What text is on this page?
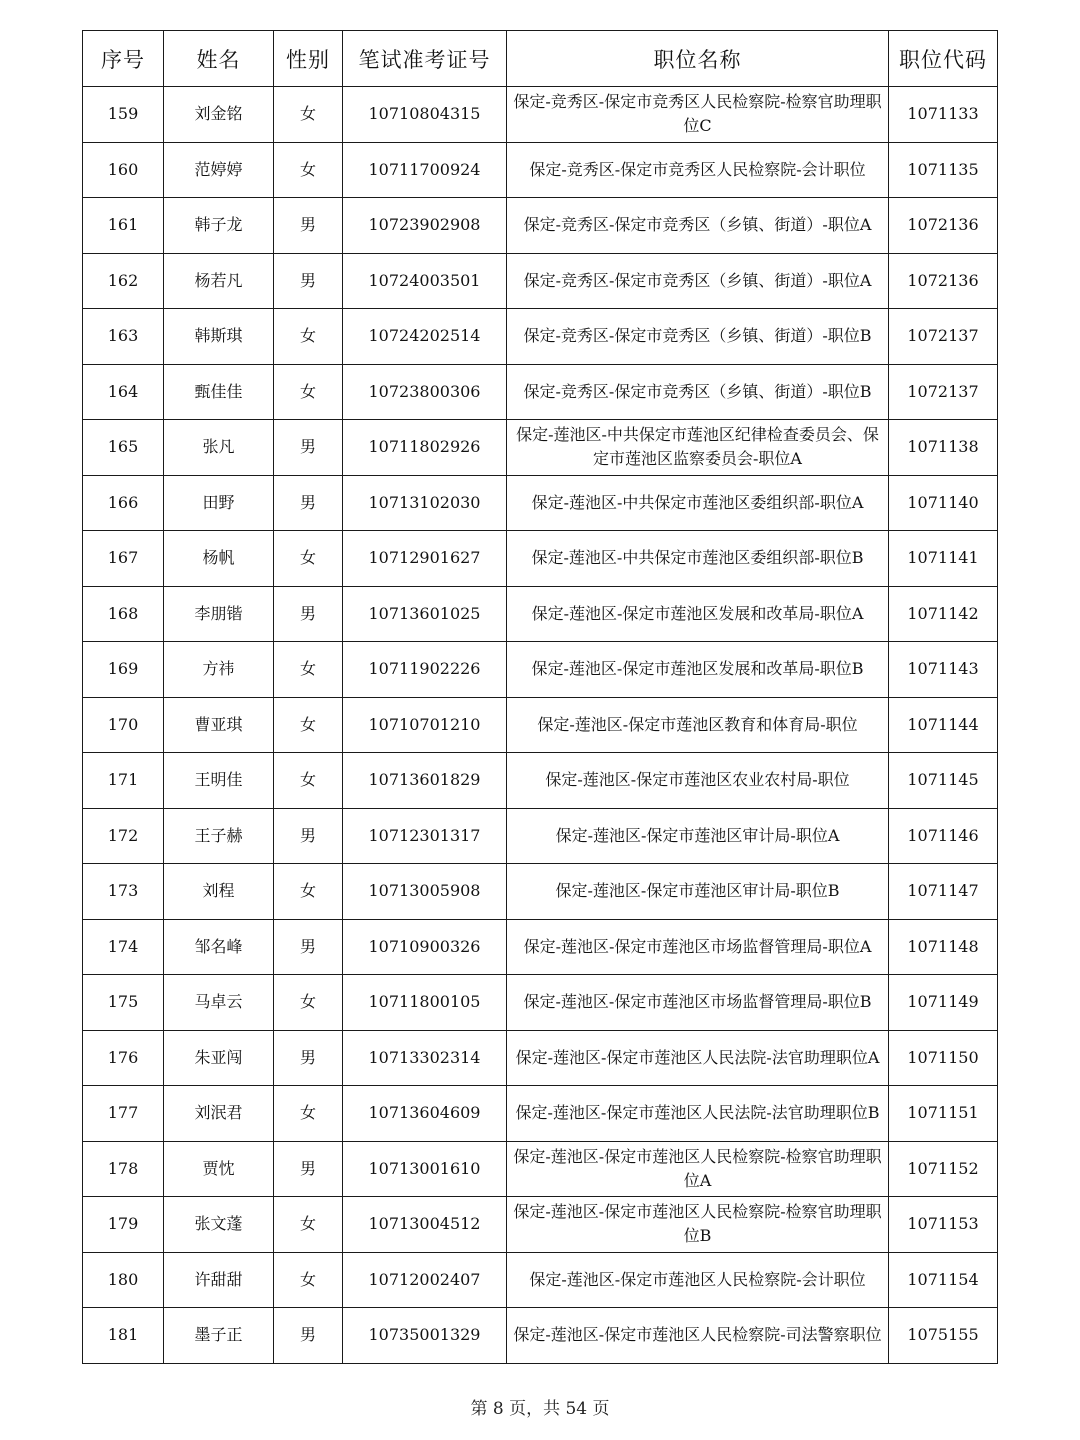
序号	姓名	性别	笔试准考证号	职位名称	职位代码
159	刘金铭	女	10710804315	保定-竞秀区-保定市竞秀区人民检察院-检察官助理职位C	1071133
160	范婷婷	女	10711700924	保定-竞秀区-保定市竞秀区人民检察院-会计职位	1071135
161	韩子龙	男	10723902908	保定-竞秀区-保定市竞秀区（乡镇、街道）-职位A	1072136
162	杨若凡	男	10724003501	保定-竞秀区-保定市竞秀区（乡镇、街道）-职位A	1072136
163	韩斯琪	女	10724202514	保定-竞秀区-保定市竞秀区（乡镇、街道）-职位B	1072137
164	甄佳佳	女	10723800306	保定-竞秀区-保定市竞秀区（乡镇、街道）-职位B	1072137
165	张凡	男	10711802926	保定-莲池区-中共保定市莲池区纪律检查委员会、保定市莲池区监察委员会-职位A	1071138
166	田野	男	10713102030	保定-莲池区-中共保定市莲池区委组织部-职位A	1071140
167	杨帆	女	10712901627	保定-莲池区-中共保定市莲池区委组织部-职位B	1071141
168	李朋锴	男	10713601025	保定-莲池区-保定市莲池区发展和改革局-职位A	1071142
169	方祎	女	10711902226	保定-莲池区-保定市莲池区发展和改革局-职位B	1071143
170	曹亚琪	女	10710701210	保定-莲池区-保定市莲池区教育和体育局-职位	1071144
171	王明佳	女	10713601829	保定-莲池区-保定市莲池区农业农村局-职位	1071145
172	王子赫	男	10712301317	保定-莲池区-保定市莲池区审计局-职位A	1071146
173	刘程	女	10713005908	保定-莲池区-保定市莲池区审计局-职位B	1071147
174	邹名峰	男	10710900326	保定-莲池区-保定市莲池区市场监督管理局-职位A	1071148
175	马卓云	女	10711800105	保定-莲池区-保定市莲池区市场监督管理局-职位B	1071149
176	朱亚闯	男	10713302314	保定-莲池区-保定市莲池区人民法院-法官助理职位A	1071150
177	刘泯君	女	10713604609	保定-莲池区-保定市莲池区人民法院-法官助理职位B	1071151
178	贾忱	男	10713001610	保定-莲池区-保定市莲池区人民检察院-检察官助理职位A	1071152
179	张文蓬	女	10713004512	保定-莲池区-保定市莲池区人民检察院-检察官助理职位B	1071153
180	许甜甜	女	10712002407	保定-莲池区-保定市莲池区人民检察院-会计职位	1071154
181	墨子正	男	10735001329	保定-莲池区-保定市莲池区人民检察院-司法警察职位	1075155
第 8 页，共 54 页
